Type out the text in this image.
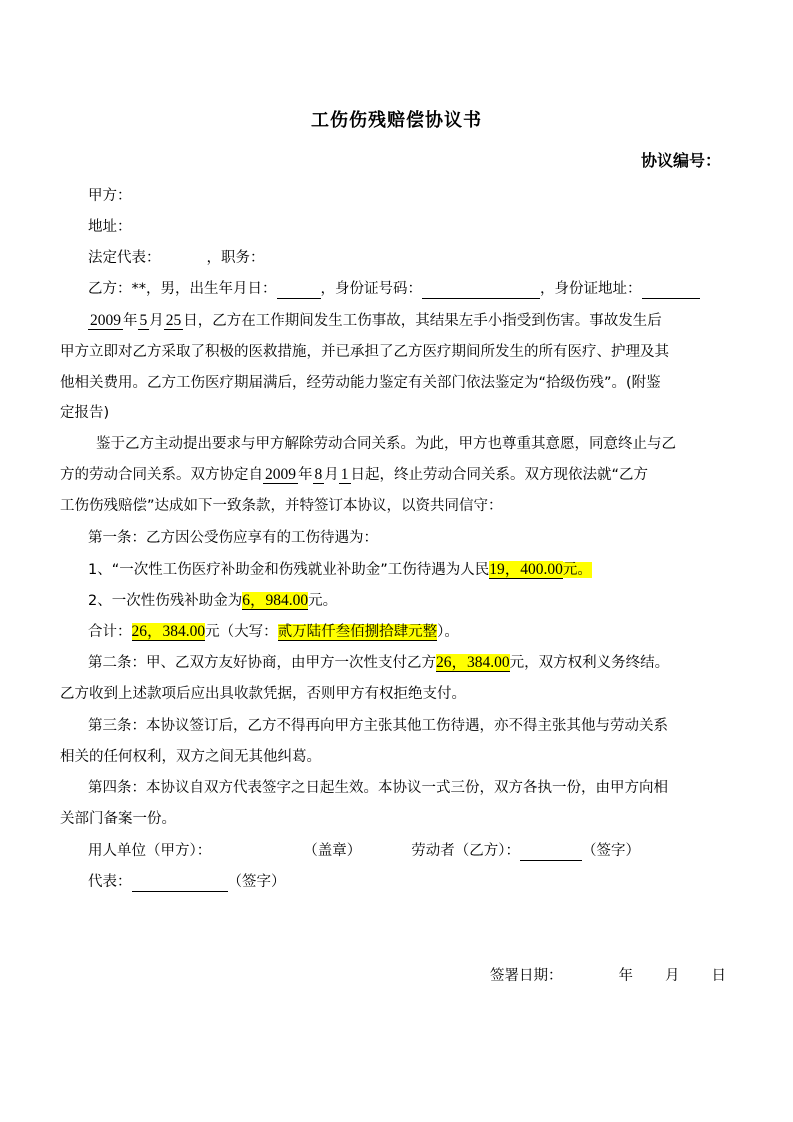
工伤伤残赔偿协议书
协议编号：
甲方：
地址：
法定代表：	，职务：
乙方：**，男，出生年月日：	，身份证号码：	，身份证地址：
2009 年 5 月 25 日，乙方在工作期间发生工伤事故，其结果左手小指受到伤害。事故发生后
甲方立即对乙方采取了积极的医救措施，并已承担了乙方医疗期间所发生的所有医疗、护理及其
他相关费用。乙方工伤医疗期届满后，经劳动能力鉴定有关部门依法鉴定为“拾级伤残”。(附鉴
定报告)
鉴于乙方主动提出要求与甲方解除劳动合同关系。为此，甲方也尊重其意愿，同意终止与乙
方的劳动合同关系。双方协定自 2009 年 8 月 1 日起，终止劳动合同关系。双方现依法就“乙方
工伤伤残赔偿”达成如下一致条款，并特签订本协议，以资共同信守：
第一条：乙方因公受伤应享有的工伤待遇为：
1、“一次性工伤医疗补助金和伤残就业补助金”工伤待遇为人民19，400.00元。
2、一次性伤残补助金为6，984.00元。
合计：26，384.00元（大写：贰万陆仟叁佰捌拾肆元整）。
第二条：甲、乙双方友好协商，由甲方一次性支付乙方26，384.00元，双方权利义务终结。
乙方收到上述款项后应出具收款凭据，否则甲方有权拒绝支付。
第三条：本协议签订后，乙方不得再向甲方主张其他工伤待遇，亦不得主张其他与劳动关系
相关的任何权利，双方之间无其他纠葛。
第四条：本协议自双方代表签字之日起生效。本协议一式三份，双方各执一份，由甲方向相
关部门备案一份。
用人单位（甲方）：	（盖章）	劳动者（乙方）：	（签字）
代表：	（签字）
签署日期：	年 月 日
